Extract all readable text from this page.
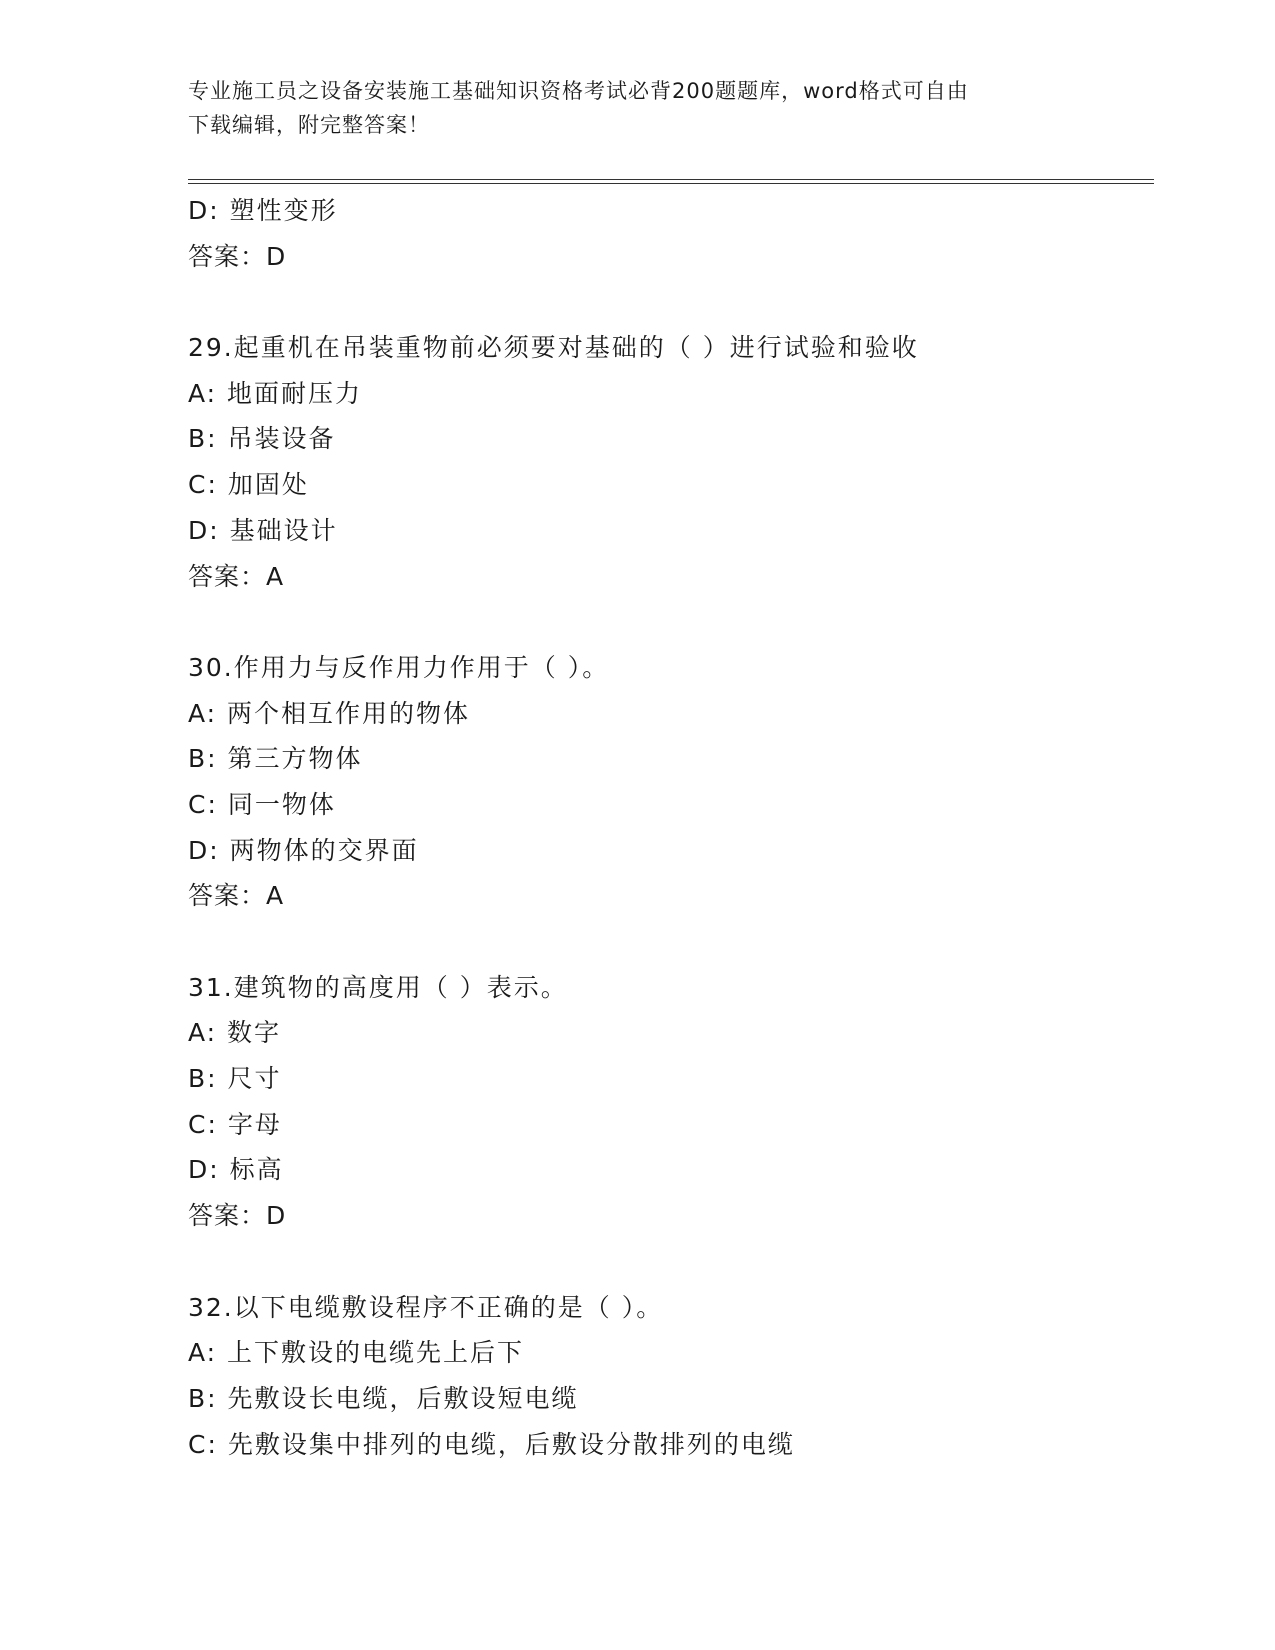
专业施工员之设备安装施工基础知识资格考试必背200题题库，word格式可自由
下载编辑，附完整答案！
D: 塑性变形
答案：D
29.起重机在吊装重物前必须要对基础的（ ）进行试验和验收
A: 地面耐压力
B: 吊装设备
C: 加固处
D: 基础设计
答案：A
30.作用力与反作用力作用于（ ）。
A: 两个相互作用的物体
B: 第三方物体
C: 同一物体
D: 两物体的交界面
答案：A
31.建筑物的高度用（ ）表示。
A: 数字
B: 尺寸
C: 字母
D: 标高
答案：D
32.以下电缆敷设程序不正确的是（ ）。
A: 上下敷设的电缆先上后下
B: 先敷设长电缆，后敷设短电缆
C: 先敷设集中排列的电缆，后敷设分散排列的电缆
